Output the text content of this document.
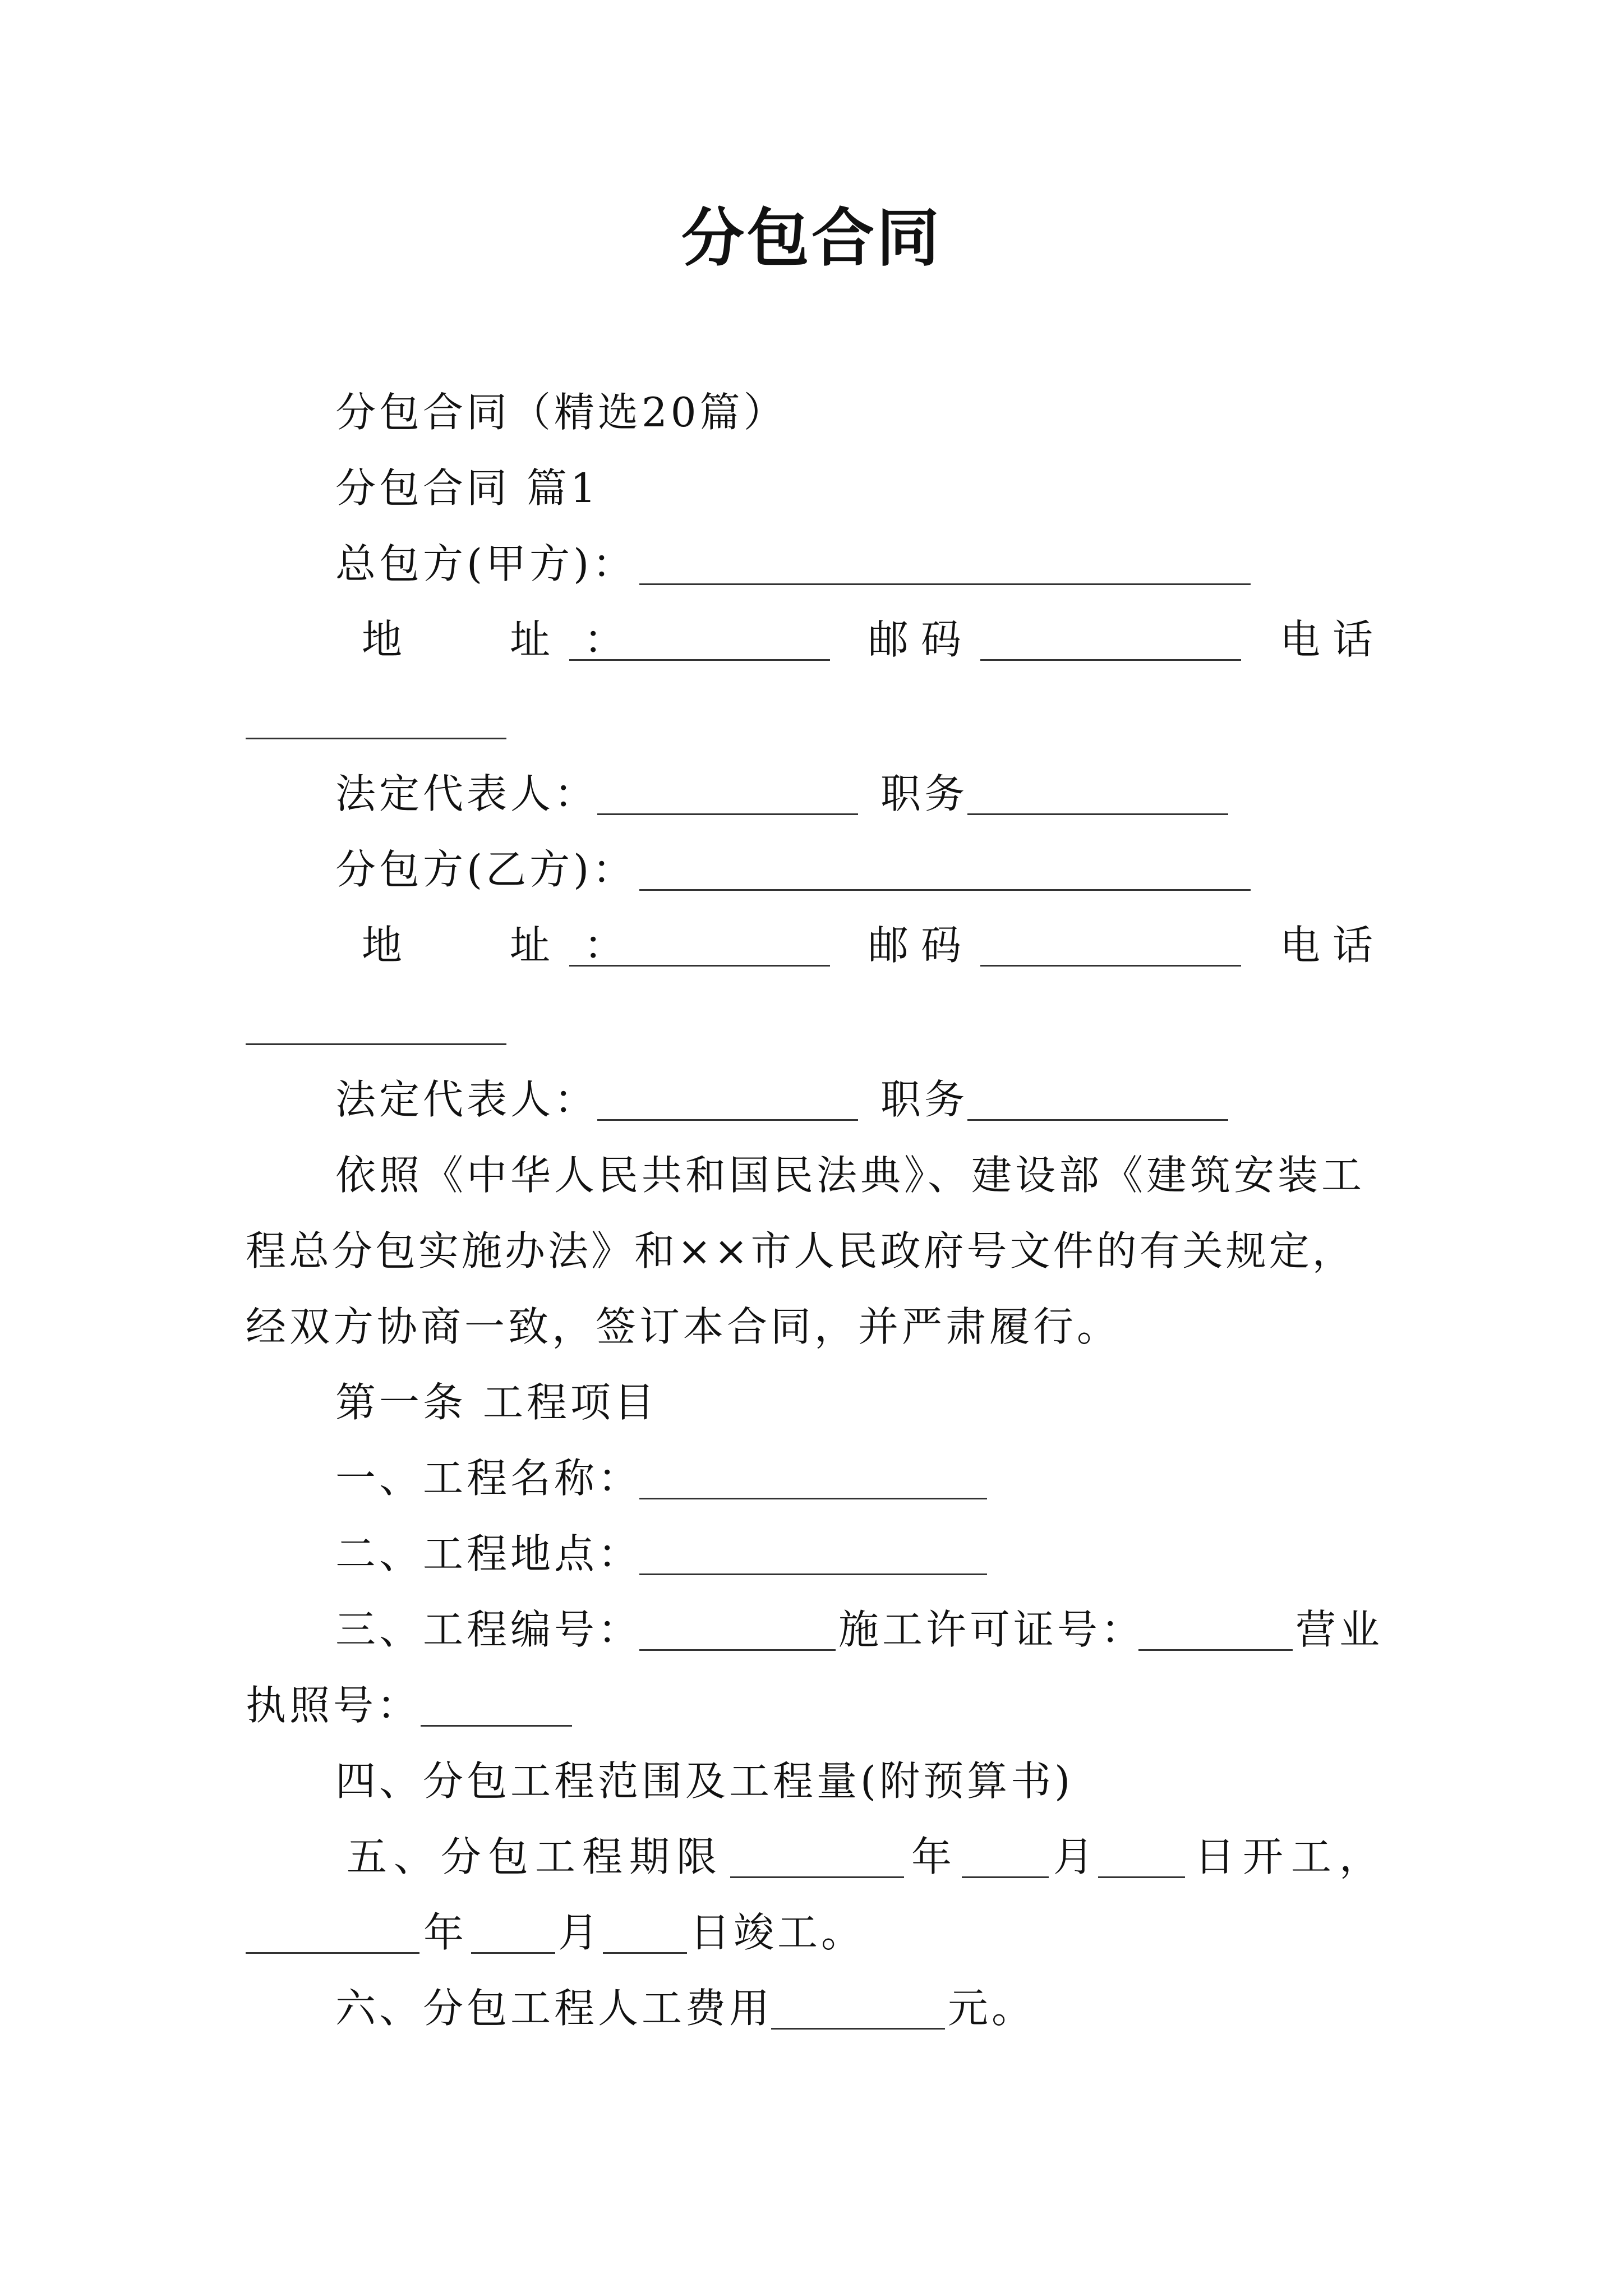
分包合同
分包合同（精选20篇）
分包合同 篇1
总包方(甲方)：
地　址：	邮码	电话
法定代表人：	职务
分包方(乙方)：
地　址：	邮码	电话
法定代表人：	职务
依照《中华人民共和国民法典》、建设部《建筑安装工
程总分包实施办法》和××市人民政府号文件的有关规定，
经双方协商一致，签订本合同，并严肃履行。
第一条 工程项目
一、工程名称：
二、工程地点：
三、工程编号：	施工许可证号：	营业
执照号：
四、分包工程范围及工程量(附预算书)
五、分包工程期限	年 月 日开工，
年 月 日竣工。
六、分包工程人工费用	元。
